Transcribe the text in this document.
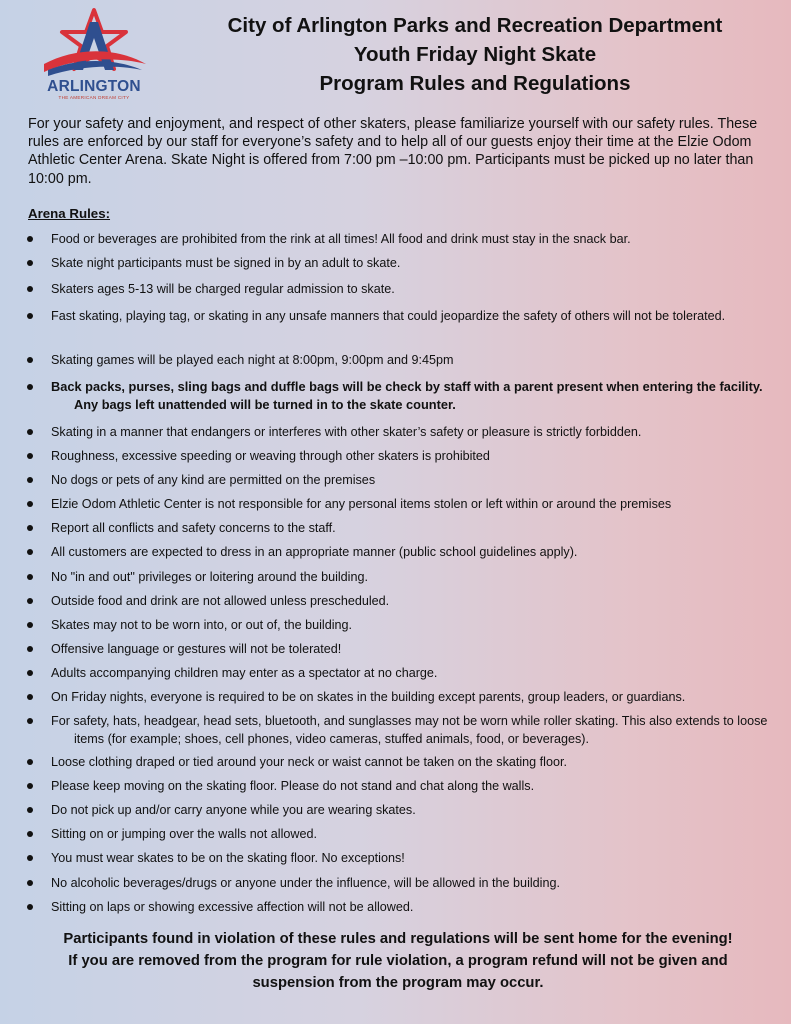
ARLINGTON
THE AMERICAN DREAM CITY
City of Arlington Parks and Recreation Department
Youth Friday Night Skate
Program Rules and Regulations
For your safety and enjoyment, and respect of other skaters, please familiarize yourself with our safety rules. These rules are enforced by our staff for everyone’s safety and to help all of our guests enjoy their time at the Elzie Odom Athletic Center Arena. Skate Night is offered from 7:00 pm –10:00 pm. Participants must be picked up no later than 10:00 pm.
Arena Rules:
Food or beverages are prohibited from the rink at all times! All food and drink must stay in the snack bar.
Skate night participants must be signed in by an adult to skate.
Skaters ages 5-13 will be charged regular admission to skate.
Fast skating, playing tag, or skating in any unsafe manners that could jeopardize the safety of others will not be tolerated.
Skating games will be played each night at 8:00pm, 9:00pm and 9:45pm
Back packs, purses, sling bags and duffle bags will be check by staff with a parent present when entering the facility. Any bags left unattended will be turned in to the skate counter.
Skating in a manner that endangers or interferes with other skater’s safety or pleasure is strictly forbidden.
Roughness, excessive speeding or weaving through other skaters is prohibited
No dogs or pets of any kind are permitted on the premises
Elzie Odom Athletic Center is not responsible for any personal items stolen or left within or around the premises
Report all conflicts and safety concerns to the staff.
All customers are expected to dress in an appropriate manner (public school guidelines apply).
No "in and out" privileges or loitering around the building.
Outside food and drink are not allowed unless prescheduled.
Skates may not to be worn into, or out of, the building.
Offensive language or gestures will not be tolerated!
Adults accompanying children may enter as a spectator at no charge.
On Friday nights, everyone is required to be on skates in the building except parents, group leaders, or guardians.
For safety, hats, headgear, head sets, bluetooth, and sunglasses may not be worn while roller skating. This also extends to loose items (for example; shoes, cell phones, video cameras, stuffed animals, food, or beverages).
Loose clothing draped or tied around your neck or waist cannot be taken on the skating floor.
Please keep moving on the skating floor. Please do not stand and chat along the walls.
Do not pick up and/or carry anyone while you are wearing skates.
Sitting on or jumping over the walls not allowed.
You must wear skates to be on the skating floor. No exceptions!
No alcoholic beverages/drugs or anyone under the influence, will be allowed in the building.
Sitting on laps or showing excessive affection will not be allowed.
Participants found in violation of these rules and regulations will be sent home for the evening!
If you are removed from the program for rule violation, a program refund will not be given and suspension from the program may occur.
